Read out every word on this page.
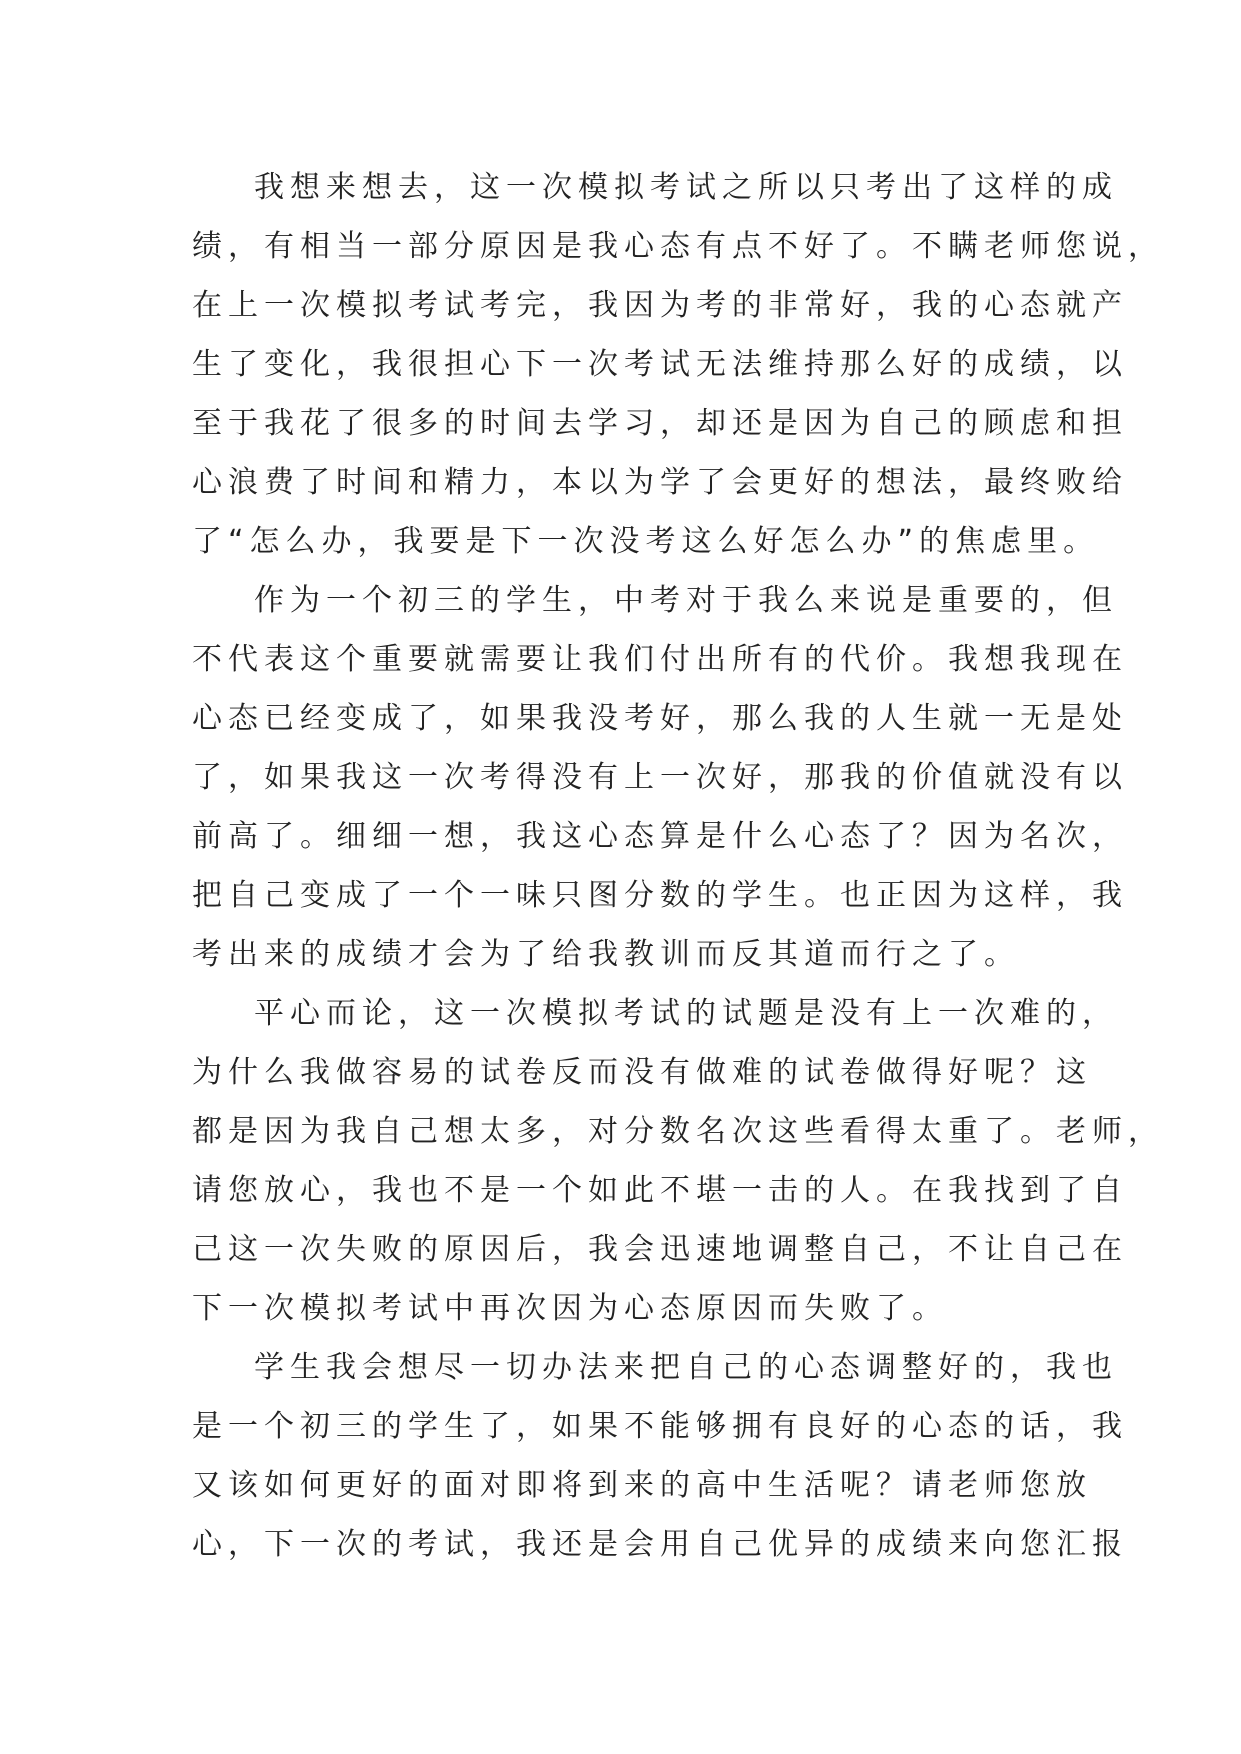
我想来想去，这一次模拟考试之所以只考出了这样的成
绩，有相当一部分原因是我心态有点不好了。不瞒老师您说，
在上一次模拟考试考完，我因为考的非常好，我的心态就产
生了变化，我很担心下一次考试无法维持那么好的成绩，以
至于我花了很多的时间去学习，却还是因为自己的顾虑和担
心浪费了时间和精力，本以为学了会更好的想法，最终败给
了“怎么办，我要是下一次没考这么好怎么办”的焦虑里。
作为一个初三的学生，中考对于我么来说是重要的，但
不代表这个重要就需要让我们付出所有的代价。我想我现在
心态已经变成了，如果我没考好，那么我的人生就一无是处
了，如果我这一次考得没有上一次好，那我的价值就没有以
前高了。细细一想，我这心态算是什么心态了？因为名次，
把自己变成了一个一味只图分数的学生。也正因为这样，我
考出来的成绩才会为了给我教训而反其道而行之了。
平心而论，这一次模拟考试的试题是没有上一次难的，
为什么我做容易的试卷反而没有做难的试卷做得好呢？这
都是因为我自己想太多，对分数名次这些看得太重了。老师，
请您放心，我也不是一个如此不堪一击的人。在我找到了自
己这一次失败的原因后，我会迅速地调整自己，不让自己在
下一次模拟考试中再次因为心态原因而失败了。
学生我会想尽一切办法来把自己的心态调整好的，我也
是一个初三的学生了，如果不能够拥有良好的心态的话，我
又该如何更好的面对即将到来的高中生活呢？请老师您放
心，下一次的考试，我还是会用自己优异的成绩来向您汇报
